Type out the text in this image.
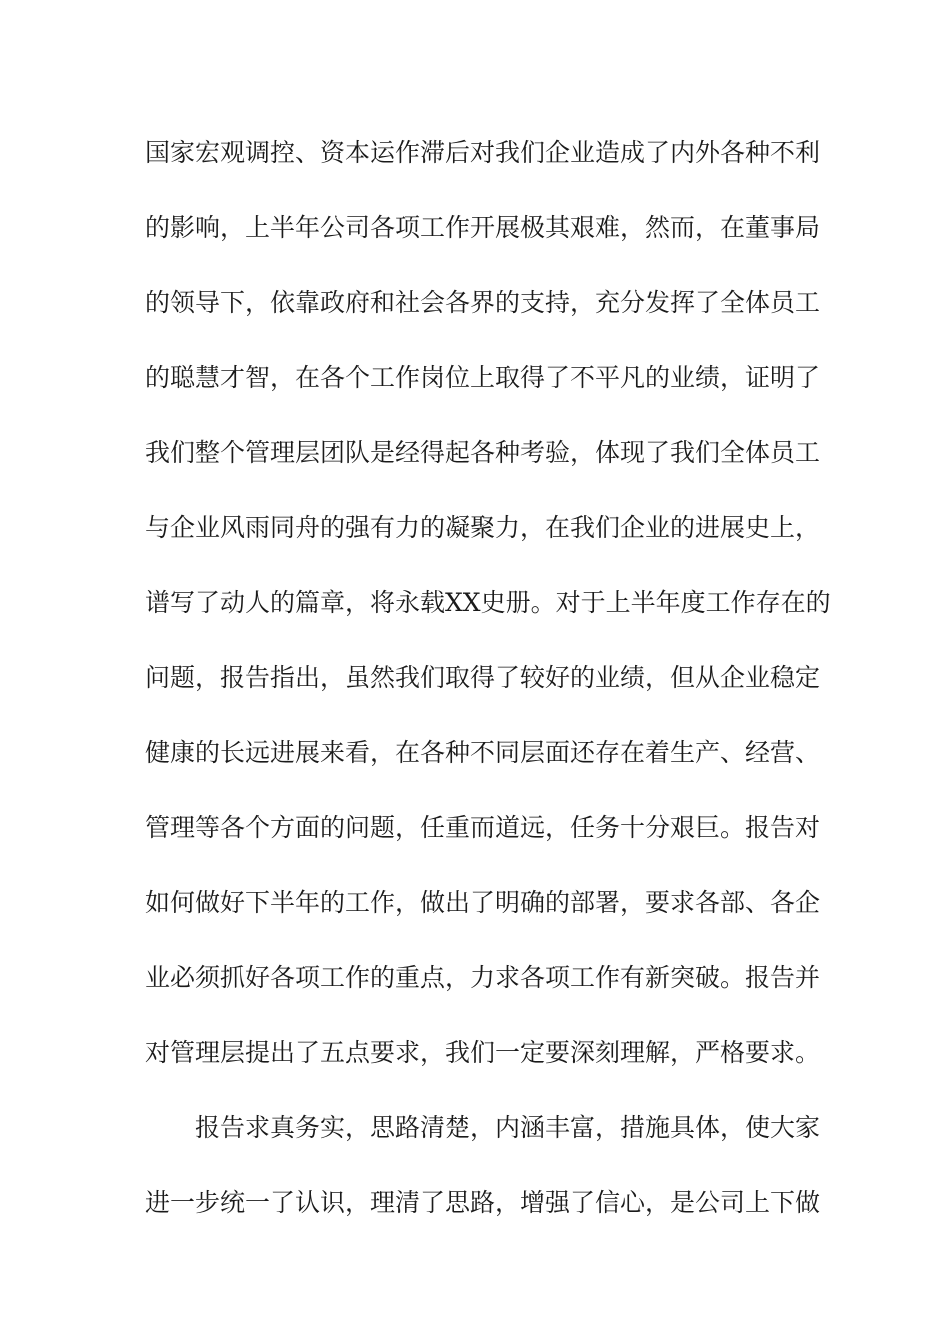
国家宏观调控、资本运作滞后对我们企业造成了内外各种不利
的影响，上半年公司各项工作开展极其艰难，然而，在董事局
的领导下，依靠政府和社会各界的支持，充分发挥了全体员工
的聪慧才智，在各个工作岗位上取得了不平凡的业绩，证明了
我们整个管理层团队是经得起各种考验，体现了我们全体员工
与企业风雨同舟的强有力的凝聚力，在我们企业的进展史上，
谱写了动人的篇章，将永载XX史册。对于上半年度工作存在的
问题，报告指出，虽然我们取得了较好的业绩，但从企业稳定
健康的长远进展来看，在各种不同层面还存在着生产、经营、
管理等各个方面的问题，任重而道远，任务十分艰巨。报告对
如何做好下半年的工作，做出了明确的部署，要求各部、各企
业必须抓好各项工作的重点，力求各项工作有新突破。报告并
对管理层提出了五点要求，我们一定要深刻理解，严格要求。
报告求真务实，思路清楚，内涵丰富，措施具体，使大家
进一步统一了认识，理清了思路，增强了信心，是公司上下做
